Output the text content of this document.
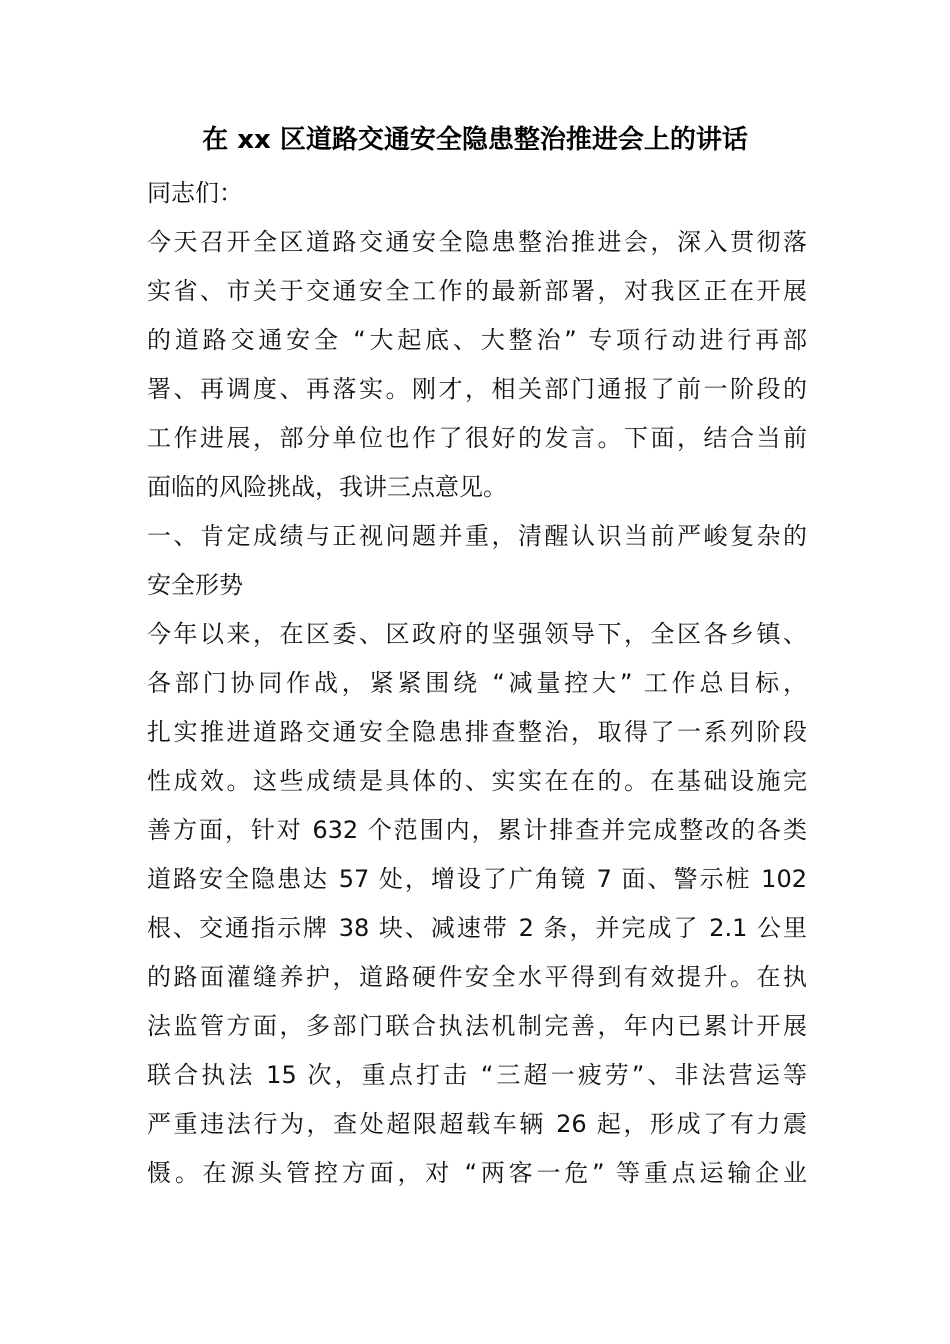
在 xx 区道路交通安全隐患整治推进会上的讲话

同志们：

今天召开全区道路交通安全隐患整治推进会，深入贯彻落

实省、市关于交通安全工作的最新部署，对我区正在开展

的道路交通安全 “大起底、大整治” 专项行动进行再部

署、再调度、再落实。刚才，相关部门通报了前一阶段的

工作进展，部分单位也作了很好的发言。下面，结合当前

面临的风险挑战，我讲三点意见。

一、肯定成绩与正视问题并重，清醒认识当前严峻复杂的

安全形势

今年以来，在区委、区政府的坚强领导下，全区各乡镇、

各部门协同作战，紧紧围绕 “减量控大” 工作总目标，

扎实推进道路交通安全隐患排查整治，取得了一系列阶段

性成效。这些成绩是具体的、实实在在的。在基础设施完

善方面，针对 632 个范围内，累计排查并完成整改的各类

道路安全隐患达 57 处，增设了广角镜 7 面、警示桩 102

根、交通指示牌 38 块、减速带 2 条，并完成了 2.1 公里

的路面灌缝养护，道路硬件安全水平得到有效提升。在执

法监管方面，多部门联合执法机制完善，年内已累计开展

联合执法 15 次，重点打击 “三超一疲劳”、非法营运等

严重违法行为，查处超限超载车辆 26 起，形成了有力震

慑。在源头管控方面，对 “两客一危” 等重点运输企业
